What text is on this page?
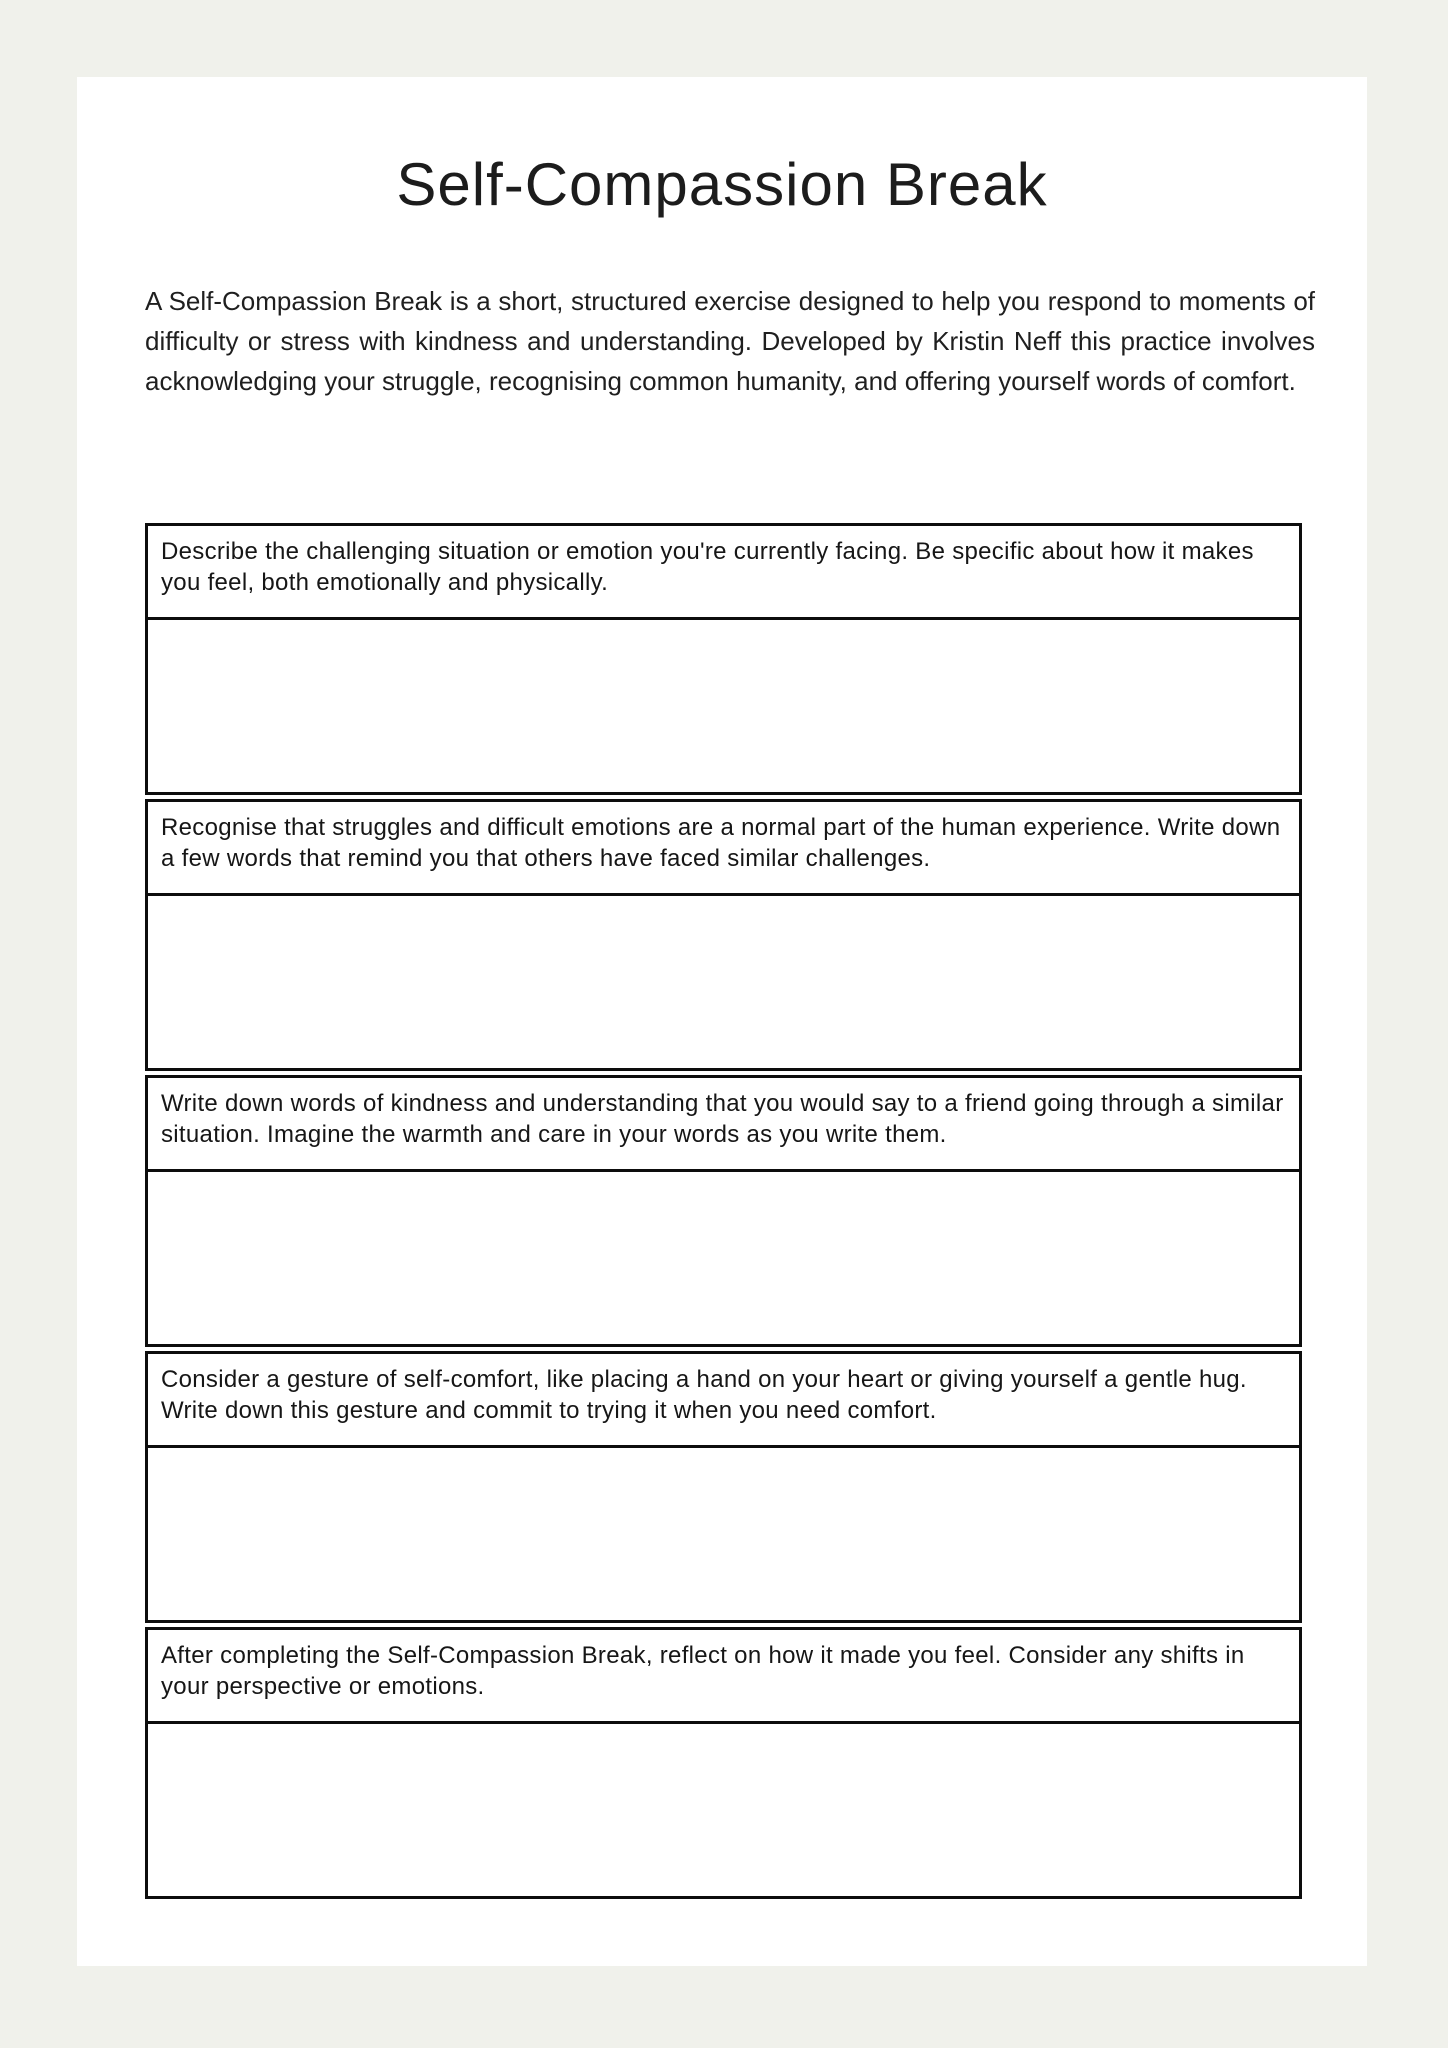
Self-Compassion Break

A Self-Compassion Break is a short, structured exercise designed to help you respond to moments of difficulty or stress with kindness and understanding. Developed by Kristin Neff this practice involves acknowledging your struggle, recognising common humanity, and offering yourself words of comfort.

Describe the challenging situation or emotion you're currently facing. Be specific about how it makes you feel, both emotionally and physically.
Recognise that struggles and difficult emotions are a normal part of the human experience. Write down a few words that remind you that others have faced similar challenges.
Write down words of kindness and understanding that you would say to a friend going through a similar situation. Imagine the warmth and care in your words as you write them.
Consider a gesture of self-comfort, like placing a hand on your heart or giving yourself a gentle hug. Write down this gesture and commit to trying it when you need comfort.
After completing the Self-Compassion Break, reflect on how it made you feel. Consider any shifts in your perspective or emotions.
